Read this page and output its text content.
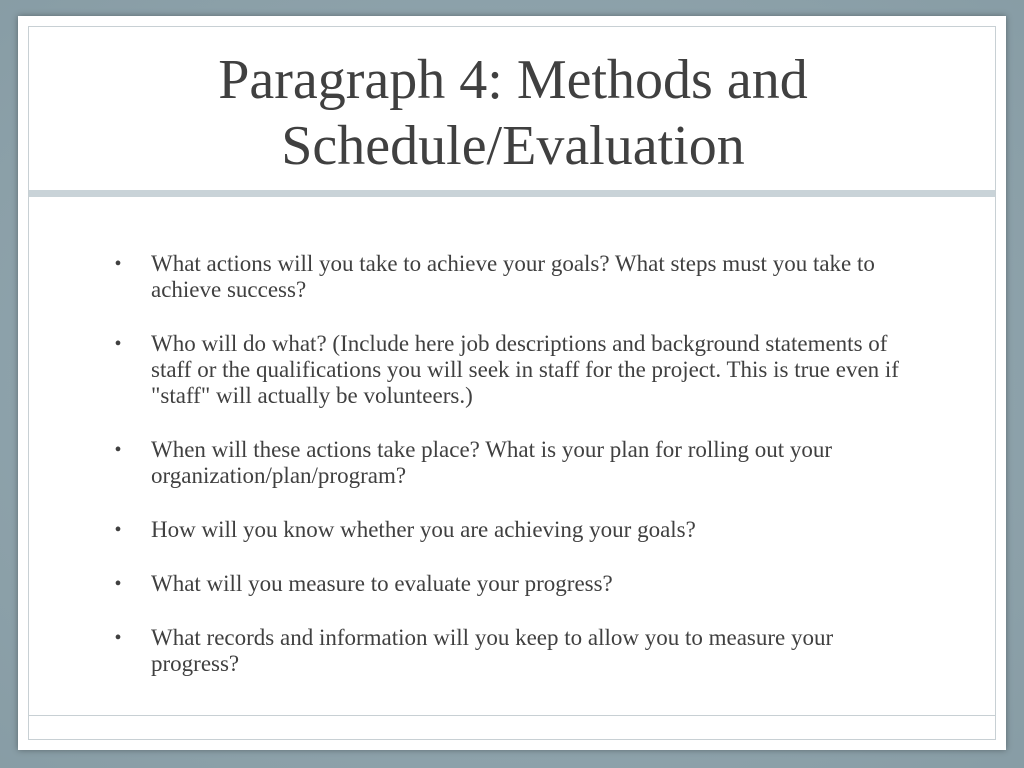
Paragraph 4: Methods and Schedule/Evaluation
• What actions will you take to achieve your goals? What steps must you take to achieve success?
• Who will do what? (Include here job descriptions and background statements of staff or the qualifications you will seek in staff for the project. This is true even if "staff" will actually be volunteers.)
• When will these actions take place? What is your plan for rolling out your organization/plan/program?
• How will you know whether you are achieving your goals?
• What will you measure to evaluate your progress?
• What records and information will you keep to allow you to measure your progress?
